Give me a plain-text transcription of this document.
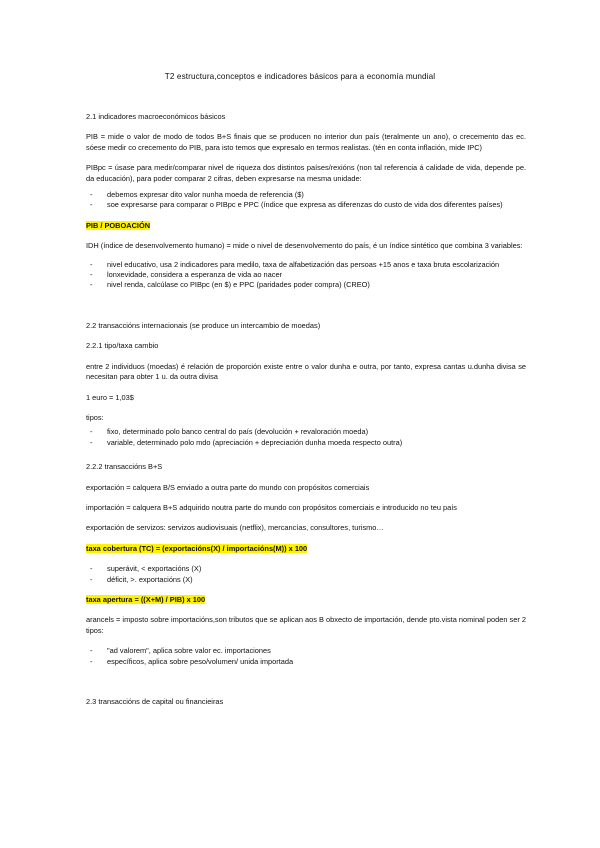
T2 estructura,conceptos e indicadores básicos para a economía mundial
2.1 indicadores macroeconómicos básicos

PIB = mide o valor de modo de todos B+S finais que se producen no interior dun país (teralmente un ano), o crecemento das ec. sóese medir co crecemento do PIB, para isto temos que expresalo en termos realistas. (tén en conta inflación, mide IPC)

PIBpc = úsase para medir/comparar nivel de riqueza dos distintos países/rexións (non tal referencia á calidade de vida, depende pe. da educación), para poder comparar 2 cifras, deben expresarse na mesma unidade:

- debemos expresar dito valor nunha moeda de referencia ($)
- soe expresarse para comparar o PIBpc e PPC (índice que expresa as diferenzas do custo de vida dos diferentes países)

PIB / POBOACIÓN

IDH (índice de desenvolvemento humano) = mide o nivel de desenvolvemento do país, é un índice sintético que combina 3 variables:

- nivel educativo, usa 2 indicadores para medilo, taxa de alfabetización das persoas +15 anos e taxa bruta escolarización
- lonxevidade, considera a esperanza de vida ao nacer
- nivel renda, calcúlase co PIBpc (en $) e PPC (paridades poder compra) (CREO)
2.2 transaccións internacionais (se produce un intercambio de moedas)
2.2.1 tipo/taxa cambio

entre 2 individuos (moedas) é relación de proporción existe entre o valor dunha e outra, por tanto, expresa cantas u.dunha divisa se necesitan para obter 1 u. da outra divisa

1 euro = 1,03$

tipos:

- fixo, determinado polo banco central do país (devolución + revaloración moeda)
- variable, determinado polo mdo (apreciación + depreciación dunha moeda respecto outra)
2.2.2 transaccións B+S

exportación = calquera B/S enviado a outra parte do mundo con propósitos comerciais

importación = calquera B+S adquirido noutra parte do mundo con propósitos comerciais e introducido no teu país

exportación de servizos: servizos audiovisuais (netflix), mercancías, consultores, turismo…

taxa cobertura (TC) = (exportacións(X) / importacións(M)) x 100

- superávit, < exportacións (X)
- déficit, >. exportacións (X)

taxa apertura = ((X+M) / PIB) x 100

arancels = imposto sobre importacións,son tributos que se aplican aos B obxecto de importación, dende pto.vista nominal poden ser 2 tipos:

- "ad valorem", aplica sobre valor ec. importaciones
- específicos, aplica sobre peso/volumen/ unida importada
2.3 transaccións de capital ou financieiras
